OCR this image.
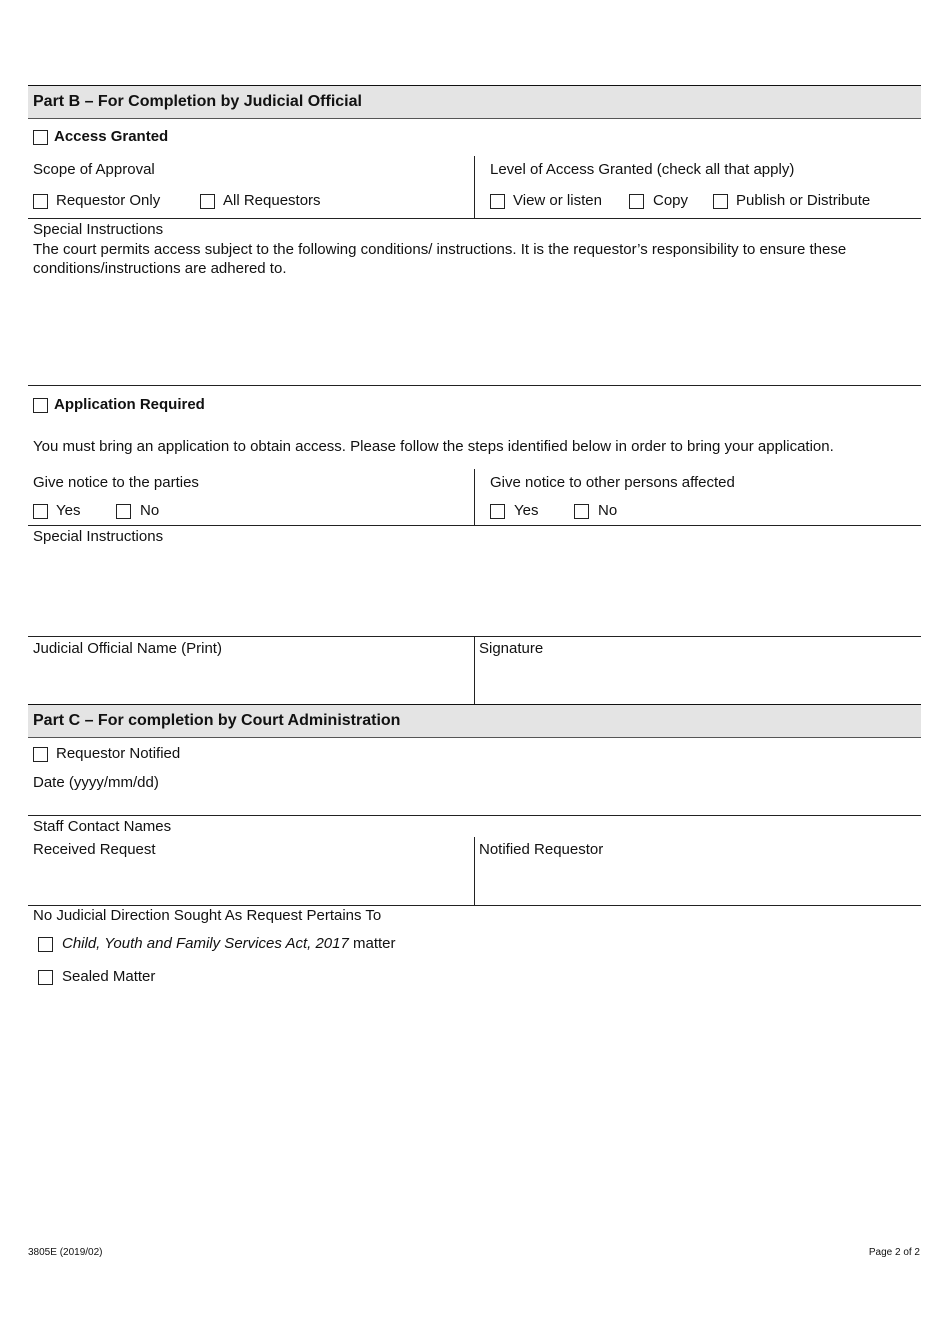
Part B – For Completion by Judicial Official
Access Granted
Scope of Approval	Level of Access Granted (check all that apply)
Requestor Only	All Requestors	View or listen	Copy	Publish or Distribute
Special Instructions
The court permits access subject to the following conditions/ instructions. It is the requestor’s responsibility to ensure these conditions/instructions are adhered to.
Application Required
You must bring an application to obtain access. Please follow the steps identified below in order to bring your application.
Give notice to the parties	Give notice to other persons affected
Yes	No	Yes	No
Special Instructions
Judicial Official Name (Print)	Signature
Part C – For completion by Court Administration
Requestor Notified
Date (yyyy/mm/dd)
Staff Contact Names
Received Request	Notified Requestor
No Judicial Direction Sought As Request Pertains To
Child, Youth and Family Services Act, 2017 matter
Sealed Matter
3805E (2019/02)	Page 2 of 2
